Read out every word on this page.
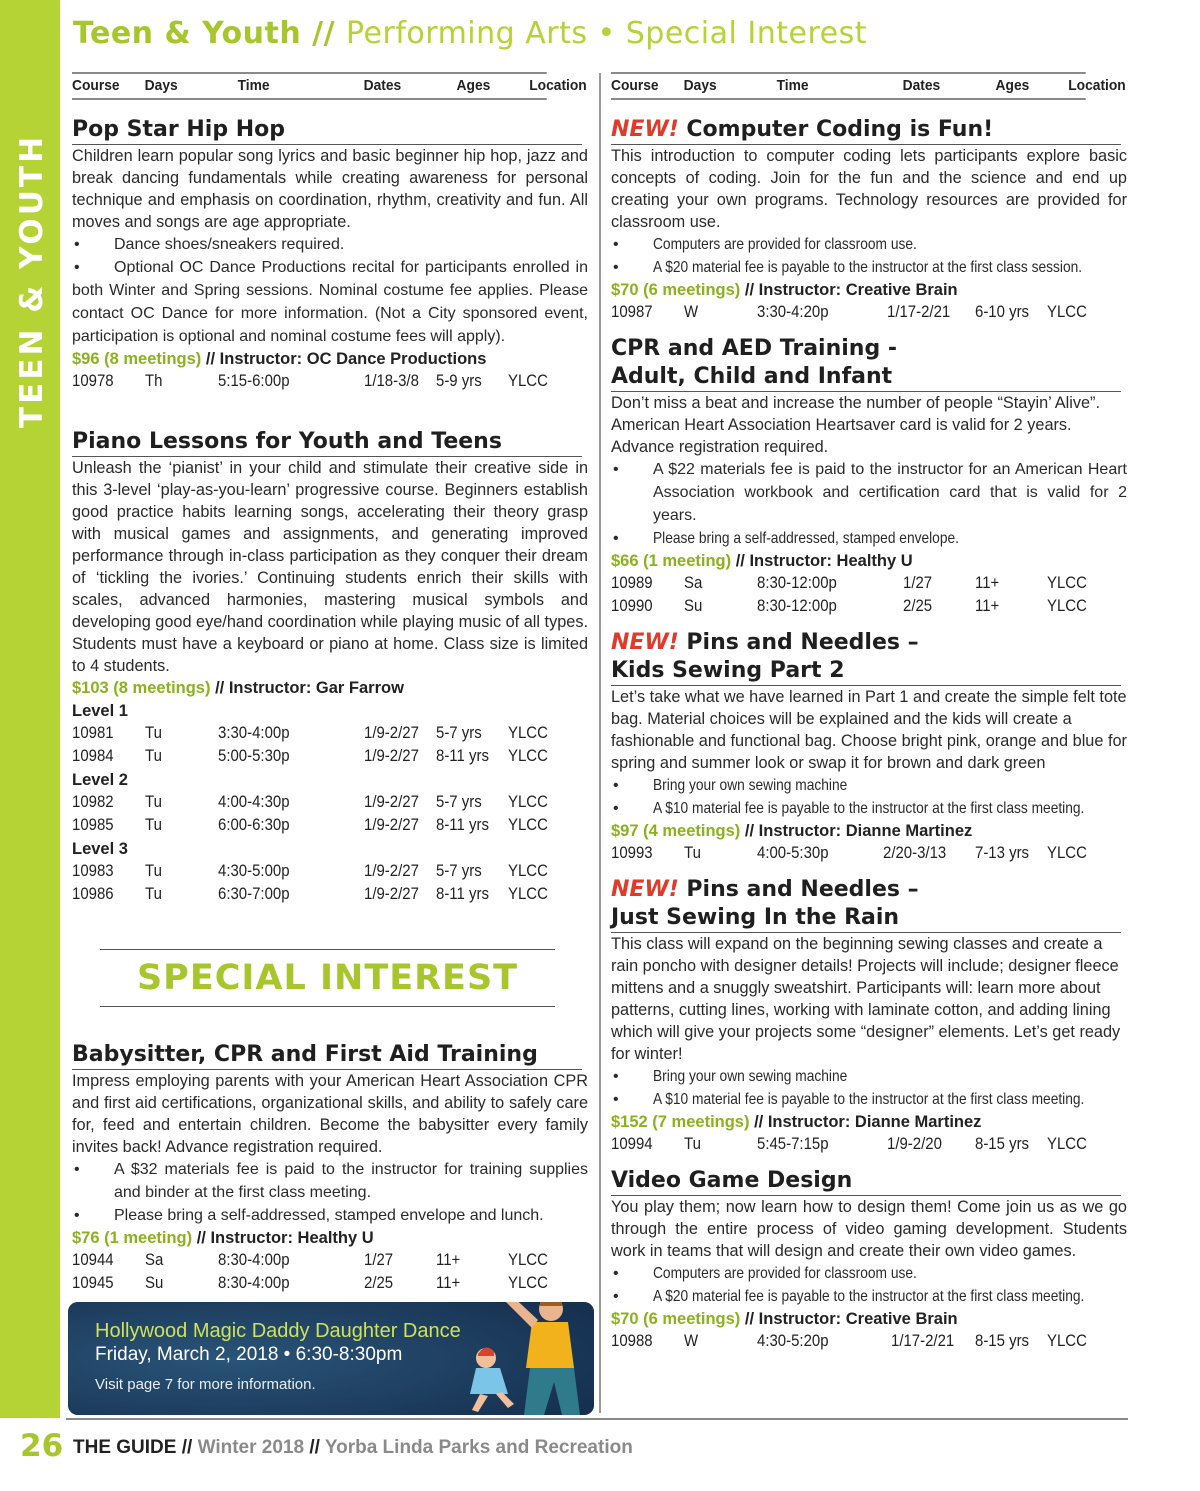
TEEN & YOUTH
Teen & Youth // Performing Arts • Special Interest
Course Days	Time	Dates	Ages	Location
Pop Star Hip Hop
Children learn popular song lyrics and basic beginner hip hop, jazz and break dancing fundamentals while creating awareness for personal technique and emphasis on coordination, rhythm, creativity and fun. All moves and songs are age appropriate.
• Dance shoes/sneakers required.
• Optional OC Dance Productions recital for participants enrolled in both Winter and Spring sessions. Nominal costume fee applies. Please contact OC Dance for more information. (Not a City sponsored event, participation is optional and nominal costume fees will apply).
$96 (8 meetings) // Instructor: OC Dance Productions
10978 Th	5:15-6:00p	1/18-3/8 5-9 yrs YLCC
Piano Lessons for Youth and Teens
Unleash the ‘pianist’ in your child and stimulate their creative side in this 3-level ‘play-as-you-learn’ progressive course. Beginners establish good practice habits learning songs, accelerating their theory grasp with musical games and assignments, and generating improved performance through in-class participation as they conquer their dream of ‘tickling the ivories.’ Continuing students enrich their skills with scales, advanced harmonies, mastering musical symbols and developing good eye/hand coordination while playing music of all types. Students must have a keyboard or piano at home. Class size is limited to 4 students.
$103 (8 meetings) // Instructor: Gar Farrow
Level 1
10981 Tu	3:30-4:00p	1/9-2/27 5-7 yrs YLCC
10984 Tu	5:00-5:30p	1/9-2/27 8-11 yrs YLCC
Level 2
10982 Tu	4:00-4:30p	1/9-2/27 5-7 yrs YLCC
10985 Tu	6:00-6:30p	1/9-2/27 8-11 yrs YLCC
Level 3
10983 Tu	4:30-5:00p	1/9-2/27 5-7 yrs YLCC
10986 Tu	6:30-7:00p	1/9-2/27 8-11 yrs YLCC
SPECIAL INTEREST
Babysitter, CPR and First Aid Training
Impress employing parents with your American Heart Association CPR and first aid certifications, organizational skills, and ability to safely care for, feed and entertain children. Become the babysitter every family invites back! Advance registration required.
• A $32 materials fee is paid to the instructor for training supplies and binder at the first class meeting.
• Please bring a self-addressed, stamped envelope and lunch.
$76 (1 meeting) // Instructor: Healthy U
10944 Sa	8:30-4:00p	1/27	11+	YLCC
10945 Su	8:30-4:00p	2/25	11+	YLCC
Hollywood Magic Daddy Daughter Dance
Friday, March 2, 2018 • 6:30-8:30pm
Visit page 7 for more information.
Course Days	Time	Dates	Ages	Location
NEW! Computer Coding is Fun!
This introduction to computer coding lets participants explore basic concepts of coding. Join for the fun and the science and end up creating your own programs. Technology resources are provided for classroom use.
• Computers are provided for classroom use.
• A $20 material fee is payable to the instructor at the first class session.
$70 (6 meetings) // Instructor: Creative Brain
10987 W	3:30-4:20p	1/17-2/21 6-10 yrs YLCC
CPR and AED Training -
Adult, Child and Infant
Don’t miss a beat and increase the number of people “Stayin’ Alive”. American Heart Association Heartsaver card is valid for 2 years. Advance registration required.
• A $22 materials fee is paid to the instructor for an American Heart Association workbook and certification card that is valid for 2 years.
• Please bring a self-addressed, stamped envelope.
$66 (1 meeting) // Instructor: Healthy U
10989 Sa	8:30-12:00p	1/27	11+	YLCC
10990 Su	8:30-12:00p	2/25	11+	YLCC
NEW! Pins and Needles –
Kids Sewing Part 2
Let’s take what we have learned in Part 1 and create the simple felt tote bag. Material choices will be explained and the kids will create a fashionable and functional bag. Choose bright pink, orange and blue for spring and summer look or swap it for brown and dark green
• Bring your own sewing machine
• A $10 material fee is payable to the instructor at the first class meeting.
$97 (4 meetings) // Instructor: Dianne Martinez
10993 Tu	4:00-5:30p	2/20-3/13 7-13 yrs YLCC
NEW! Pins and Needles –
Just Sewing In the Rain
This class will expand on the beginning sewing classes and create a rain poncho with designer details! Projects will include; designer fleece mittens and a snuggly sweatshirt. Participants will: learn more about patterns, cutting lines, working with laminate cotton, and adding lining which will give your projects some “designer” elements. Let’s get ready for winter!
• Bring your own sewing machine
• A $10 material fee is payable to the instructor at the first class meeting.
$152 (7 meetings) // Instructor: Dianne Martinez
10994 Tu	5:45-7:15p	1/9-2/20 8-15 yrs YLCC
Video Game Design
You play them; now learn how to design them! Come join us as we go through the entire process of video gaming development. Students work in teams that will design and create their own video games.
• Computers are provided for classroom use.
• A $20 material fee is payable to the instructor at the first class meeting.
$70 (6 meetings) // Instructor: Creative Brain
10988 W	4:30-5:20p	1/17-2/21 8-15 yrs YLCC
26 THE GUIDE // Winter 2018 // Yorba Linda Parks and Recreation
